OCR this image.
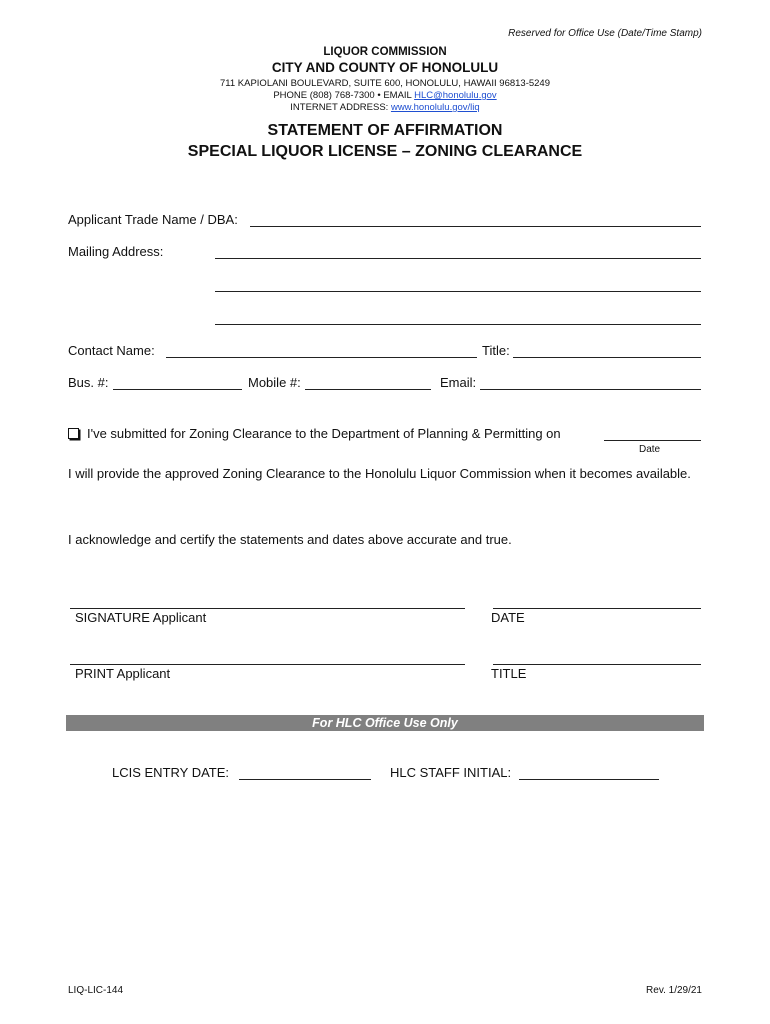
Reserved for Office Use (Date/Time Stamp)
LIQUOR COMMISSION
CITY AND COUNTY OF HONOLULU
711 KAPIOLANI BOULEVARD, SUITE 600, HONOLULU, HAWAII 96813-5249
PHONE (808) 768-7300 • EMAIL HLC@honolulu.gov
INTERNET ADDRESS: www.honolulu.gov/liq
STATEMENT OF AFFIRMATION
SPECIAL LIQUOR LICENSE – ZONING CLEARANCE
Applicant Trade Name / DBA:
Mailing Address:
Contact Name:	Title:
Bus. #:	Mobile #:	Email:
I've submitted for Zoning Clearance to the Department of Planning & Permitting on
Date
I will provide the approved Zoning Clearance to the Honolulu Liquor Commission when it becomes available.
I acknowledge and certify the statements and dates above accurate and true.
SIGNATURE Applicant	DATE
PRINT Applicant	TITLE
For HLC Office Use Only
LCIS ENTRY DATE:	HLC STAFF INITIAL:
LIQ-LIC-144	Rev. 1/29/21
